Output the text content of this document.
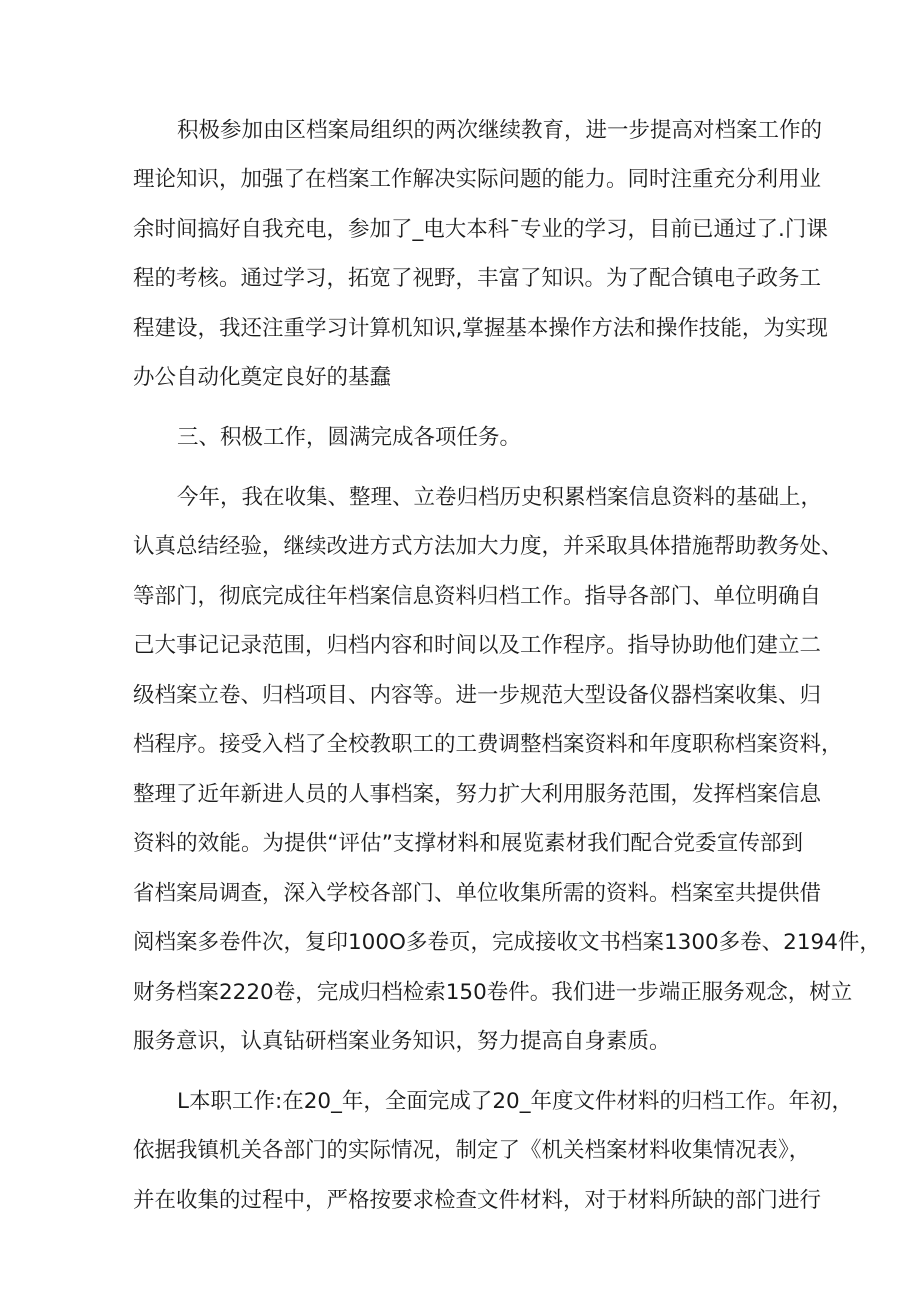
积极参加由区档案局组织的两次继续教育，进一步提高对档案工作的
理论知识，加强了在档案工作解决实际问题的能力。同时注重充分利用业
余时间搞好自我充电，参加了_电大本科¯专业的学习，目前已通过了.门课
程的考核。通过学习，拓宽了视野，丰富了知识。为了配合镇电子政务工
程建设，我还注重学习计算机知识,掌握基本操作方法和操作技能，为实现
办公自动化奠定良好的基蠢
三、积极工作，圆满完成各项任务。
今年，我在收集、整理、立卷归档历史积累档案信息资料的基础上，
认真总结经验，继续改进方式方法加大力度，并采取具体措施帮助教务处、
等部门，彻底完成往年档案信息资料归档工作。指导各部门、单位明确自
己大事记记录范围，归档内容和时间以及工作程序。指导协助他们建立二
级档案立卷、归档项目、内容等。进一步规范大型设备仪器档案收集、归
档程序。接受入档了全校教职工的工费调整档案资料和年度职称档案资料，
整理了近年新进人员的人事档案，努力扩大利用服务范围，发挥档案信息
资料的效能。为提供“评估”支撑材料和展览素材我们配合党委宣传部到
省档案局调查，深入学校各部门、单位收集所需的资料。档案室共提供借
阅档案多卷件次，复印100O多卷页，完成接收文书档案1300多卷、2194件，
财务档案2220卷，完成归档检索150卷件。我们进一步端正服务观念，树立
服务意识，认真钻研档案业务知识，努力提高自身素质。
L本职工作:在20_年，全面完成了20_年度文件材料的归档工作。年初，
依据我镇机关各部门的实际情况，制定了《机关档案材料收集情况表》，
并在收集的过程中，严格按要求检查文件材料，对于材料所缺的部门进行
